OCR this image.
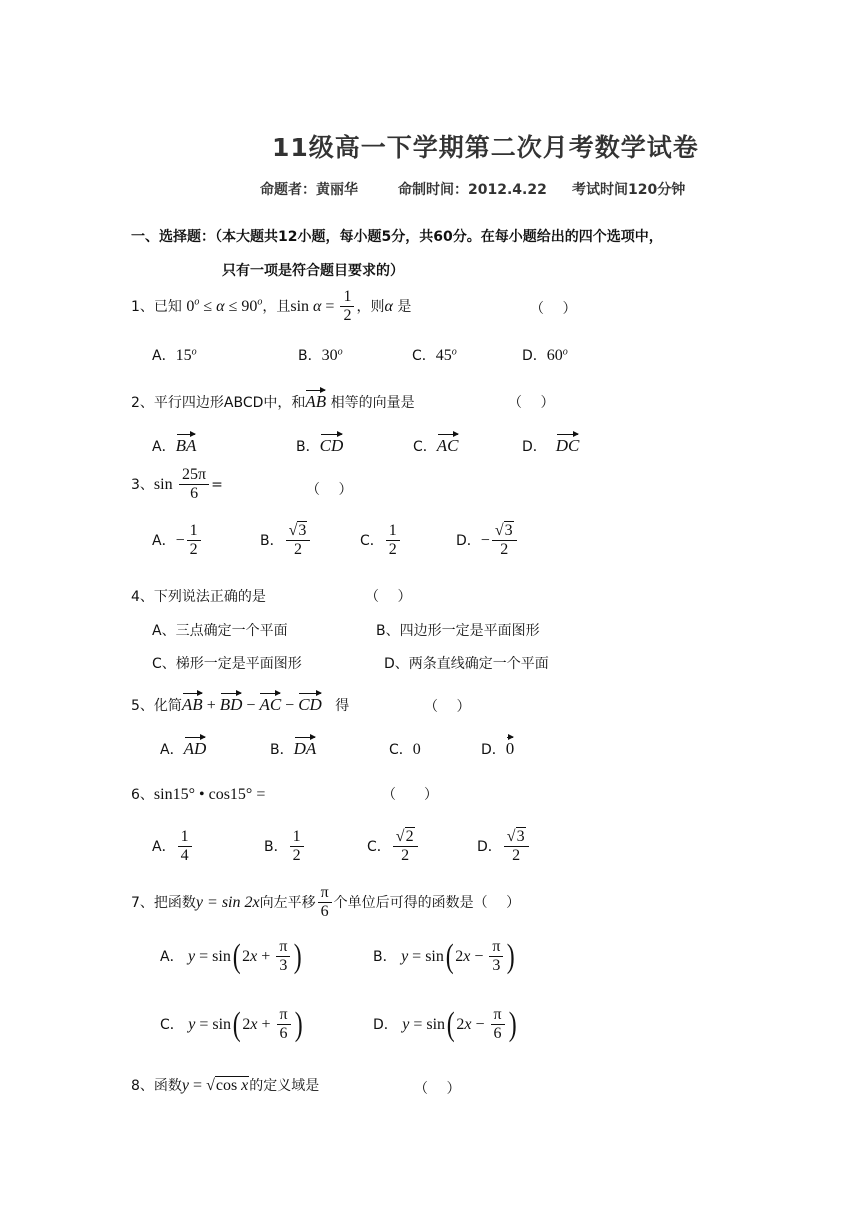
11级高一下学期第二次月考数学试卷
命题者：黄丽华	命制时间：2012.4.22 考试时间120分钟
一、选择题：（本大题共12小题，每小题5分，共60分。在每小题给出的四个选项中，
只有一项是符合题目要求的）
1、已知 $0^o \le \alpha \le 90^o$，且$\sin \alpha = \frac{1}{2}$ ，则α 是	（　 ）
A．15$^o$	B．30$^o$	C．45$^o$	D．60$^o$
2、平行四边形ABCD中，和AB 相等的向量是	（　 ）
A．BA	B．CD	C．AC	D． DC
3、$\sin \frac{25\pi}{6}$ =	（　 ）
A．− $\frac{1}{2}$	B． $\frac{√3}{2}$	C． $\frac{1}{2}$	D．− $\frac{√3}{2}$
4、下列说法正确的是	（　 ）
A、三点确定一个平面	B、四边形一定是平面图形
C、梯形一定是平面图形	D、两条直线确定一个平面
5、化简AB + BD − AC − CD 得	（　 ）
A．AD	B．DA	C．0	D．0
6、sin15° • cos15° =	（　　）
A． $\frac{1}{4}$	B． $\frac{1}{2}$	C． $\frac{√2}{2}$	D． $\frac{√3}{2}$
7、把函数y = sin 2x向左平移 $\frac{\pi}{6}$ 个单位后可得的函数是（　 ）
A． y = sin( $2x + \frac{\pi}{3}$ )	B． y = sin( $2x - \frac{\pi}{3}$ )
C． y = sin( $2x + \frac{\pi}{6}$ )	D． y = sin( $2x - \frac{\pi}{6}$ )
8、函数y = √cos x的定义域是	（　 ）
